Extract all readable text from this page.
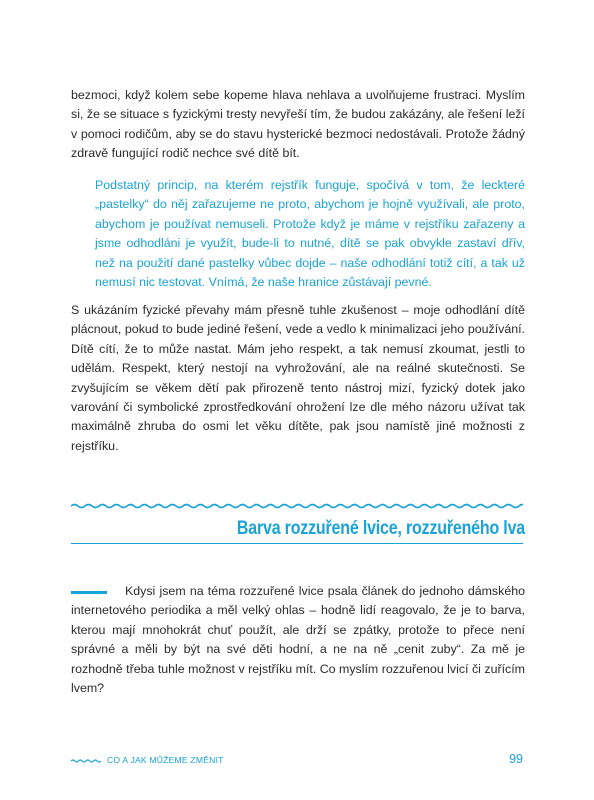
bezmoci, když kolem sebe kopeme hlava nehlava a uvolňujeme frustraci. Myslím si, že se situace s fyzickými tresty nevyřeší tím, že budou zakázány, ale řešení leží v pomoci rodičům, aby se do stavu hysterické bezmoci nedostávali. Protože žádný zdravě fungující rodič nechce své dítě bít.

Podstatný princip, na kterém rejstřík funguje, spočívá v tom, že leckteré „pastelky“ do něj zařazujeme ne proto, abychom je hojně využívali, ale proto, abychom je používat nemuseli. Protože když je máme v rejstříku zařazeny a jsme odhodláni je využít, bude-li to nutné, dítě se pak obvykle zastaví dřív, než na použití dané pastelky vůbec dojde – naše odhodlání totiž cítí, a tak už nemusí nic testovat. Vnímá, že naše hranice zůstávají pevné.

S ukázáním fyzické převahy mám přesně tuhle zkušenost – moje odhodlání dítě plácnout, pokud to bude jediné řešení, vede a vedlo k minimalizaci jeho používání. Dítě cítí, že to může nastat. Mám jeho respekt, a tak nemusí zkoumat, jestli to udělám. Respekt, který nestojí na vyhrožování, ale na reálné skutečnosti. Se zvyšujícím se věkem dětí pak přirozeně tento nástroj mizí, fyzický dotek jako varování či symbolické zprostředkování ohrožení lze dle mého názoru užívat tak maximálně zhruba do osmi let věku dítěte, pak jsou namístě jiné možnosti z rejstříku.

Barva rozzuřené lvice, rozzuřeného lva

Kdysi jsem na téma rozzuřené lvice psala článek do jednoho dámského internetového periodika a měl velký ohlas – hodně lidí reagovalo, že je to barva, kterou mají mnohokrát chuť použít, ale drží se zpátky, protože to přece není správné a měli by být na své děti hodní, a ne na ně „cenit zuby“. Za mě je rozhodně třeba tuhle možnost v rejstříku mít. Co myslím rozzuřenou lvicí či zuřícím lvem?

CO A JAK MŮŽEME ZMĚNIT	99
